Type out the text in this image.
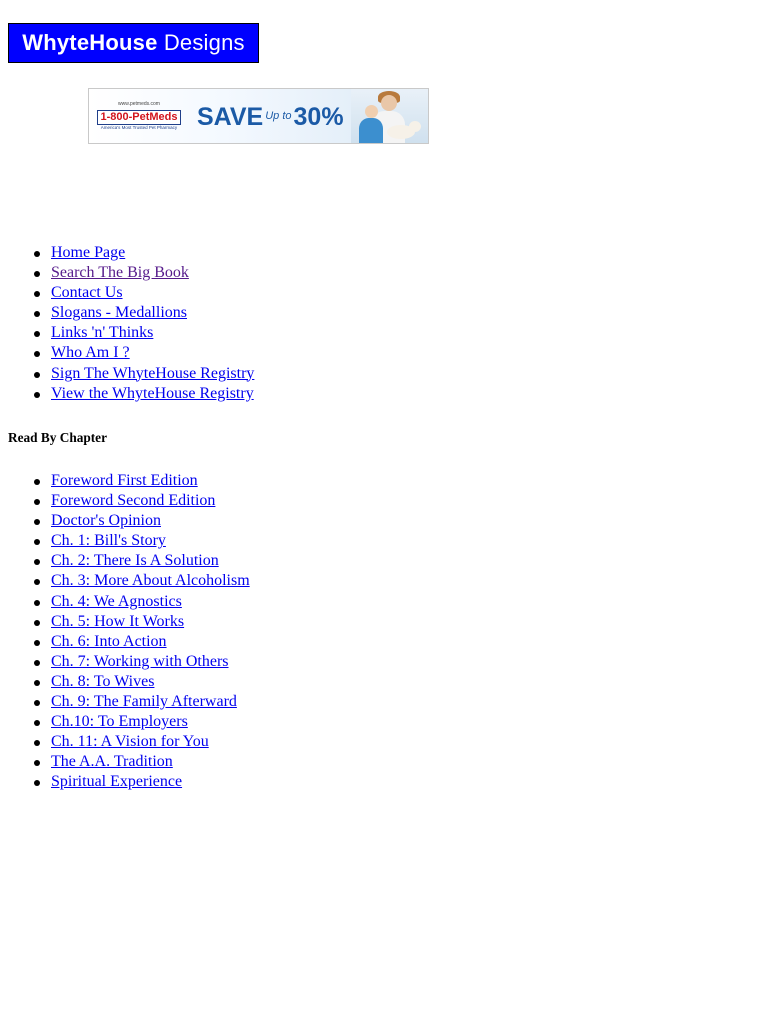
WhyteHouse Designs
www.petmeds.com
1-800-PetMeds
America's Most Trusted Pet Pharmacy SAVE $^{Up to}$30%
Home Page
Search The Big Book
Contact Us
Slogans - Medallions
Links 'n' Thinks
Who Am I ?
Sign The WhyteHouse Registry
View the WhyteHouse Registry
Read By Chapter
Foreword First Edition
Foreword Second Edition
Doctor's Opinion
Ch. 1: Bill's Story
Ch. 2: There Is A Solution
Ch. 3: More About Alcoholism
Ch. 4: We Agnostics
Ch. 5: How It Works
Ch. 6: Into Action
Ch. 7: Working with Others
Ch. 8: To Wives
Ch. 9: The Family Afterward
Ch.10: To Employers
Ch. 11: A Vision for You
The A.A. Tradition
Spiritual Experience
